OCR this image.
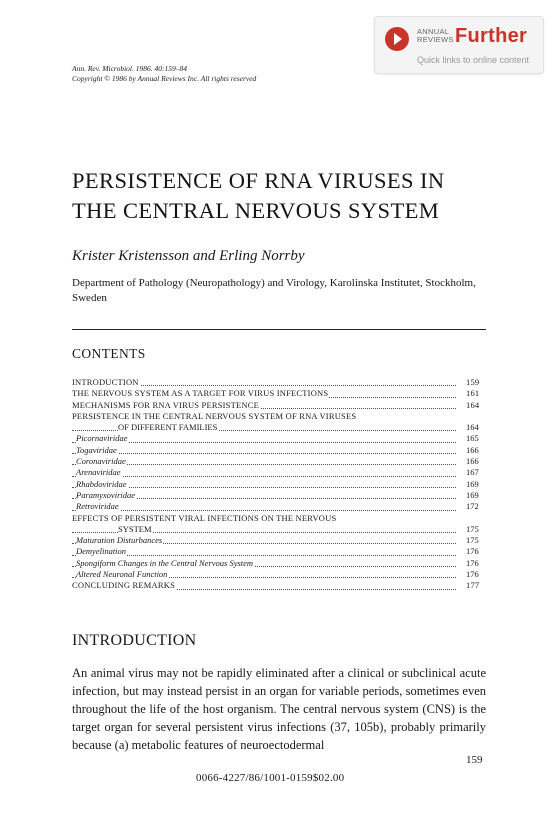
ANNUAL
REVIEWS Further
Quick links to online content
Ann. Rev. Microbiol. 1986. 40:159–84
Copyright © 1986 by Annual Reviews Inc. All rights reserved
PERSISTENCE OF RNA VIRUSES IN
THE CENTRAL NERVOUS SYSTEM
Krister Kristensson and Erling Norrby
Department of Pathology (Neuropathology) and Virology, Karolinska Institutet, Stockholm, Sweden
CONTENTS
INTRODUCTION	159
THE NERVOUS SYSTEM AS A TARGET FOR VIRUS INFECTIONS	161
MECHANISMS FOR RNA VIRUS PERSISTENCE	164
PERSISTENCE IN THE CENTRAL NERVOUS SYSTEM OF RNA VIRUSES
OF DIFFERENT FAMILIES	164
Picornaviridae	165
Togaviridae	166
Coronaviridae	166
Arenaviridae	167
Rhabdoviridae	169
Paramyxoviridae	169
Retroviridae	172
EFFECTS OF PERSISTENT VIRAL INFECTIONS ON THE NERVOUS
SYSTEM	175
Maturation Disturbances	175
Demyelination	176
Spongiform Changes in the Central Nervous System	176
Altered Neuronal Function	176
CONCLUDING REMARKS	177
INTRODUCTION
An animal virus may not be rapidly eliminated after a clinical or subclinical acute infection, but may instead persist in an organ for variable periods, sometimes even throughout the life of the host organism. The central nervous system (CNS) is the target organ for several persistent virus infections (37, 105b), probably primarily because (a) metabolic features of neuroectodermal
159
0066-4227/86/1001-0159$02.00
